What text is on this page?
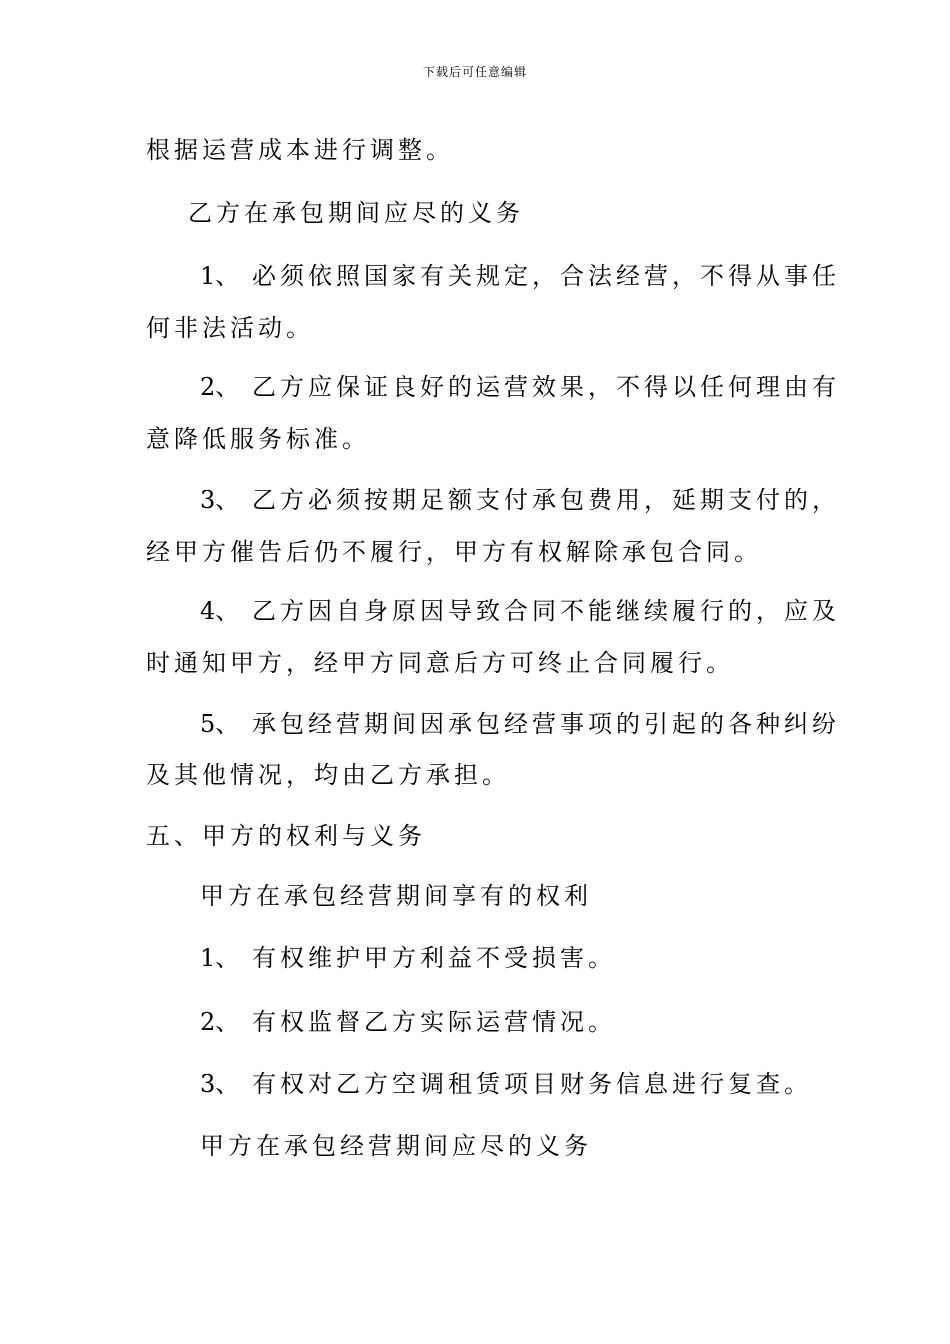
下载后可任意编辑
根据运营成本进行调整。
乙方在承包期间应尽的义务
1、 必须依照国家有关规定，合法经营，不得从事任
何非法活动。
2、 乙方应保证良好的运营效果，不得以任何理由有
意降低服务标准。
3、 乙方必须按期足额支付承包费用，延期支付的，
经甲方催告后仍不履行，甲方有权解除承包合同。
4、 乙方因自身原因导致合同不能继续履行的，应及
时通知甲方，经甲方同意后方可终止合同履行。
5、 承包经营期间因承包经营事项的引起的各种纠纷
及其他情况，均由乙方承担。
五、甲方的权利与义务
甲方在承包经营期间享有的权利
1、 有权维护甲方利益不受损害。
2、 有权监督乙方实际运营情况。
3、 有权对乙方空调租赁项目财务信息进行复查。
甲方在承包经营期间应尽的义务
